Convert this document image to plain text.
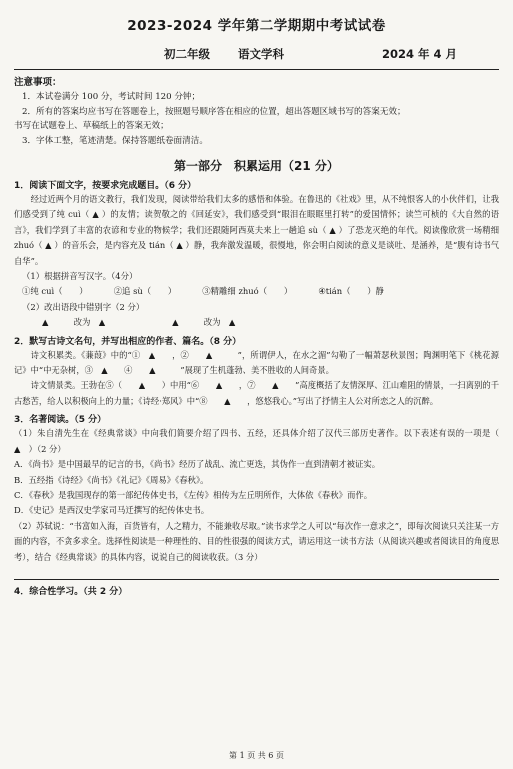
2023-2024 学年第二学期期中考试试卷
初二年级 语文学科	2024 年 4 月
注意事项：
1．本试卷满分 100 分，考试时间 120 分钟；
2．所有的答案均应书写在答题卷上，按照题号顺序答在相应的位置，超出答题区域书写的答案无效；
书写在试题卷上、草稿纸上的答案无效；
3．字体工整，笔迹清楚。保持答题纸卷面清洁。
第一部分　积累运用（21 分）
1．阅读下面文字，按要求完成题目。（6 分）
经过近两个月的语文教行，我们发现，阅读带给我们太多的感悟和体验。在鲁迅的《社戏》里，从不纯恨客人的小伙伴们，让我们感受到了纯 cuì（ ▲ ）的友情；读贺敬之的《回延安》，我们感受到“眼泪在眼眶里打转”的爱国情怀；读竺可桢的《大自然的语言》，我们学到了丰富的农谚和专业的物候学；我们还跟随阿西莫夫来上一趟追 sù（ ▲ ）了恐龙灭绝的年代。阅读像欣赏一场精细 zhuó（ ▲ ）的音乐会，是内容充及 tián（ ▲ ）静，我奔激发温暖，很慢地，你会明白阅读的意义是谈吐、是涵养，是“腹有诗书气自华”。
（1）根据拼音写汉字。（4分）
①纯 cuì（　　）	②追 sù（　　）	③精雕细 zhuó（　　）	④tián（　　）静
（2）改出语段中错别字（2 分）
▲　　　改为　▲　　　　　　　　▲　　　改为　▲
2．默写古诗文名句，并写出相应的作者、篇名。（8 分）
诗文积累类。《蒹葭》中的“①　▲　　，②　　▲　　　”，所谓伊人，在水之湄”勾勒了一幅萧瑟秋景图；陶渊明笔下《桃花源记》中“中无杂树，③　▲　　④　　▲　　　”展现了生机蓬勃、美不胜收的人间奇景。
诗文情景类。王勃在⑤（　　▲　　）中用“⑥　　▲　　，⑦　　▲　　”高度概括了友情深厚、江山难阻的情景，一扫离别的千古愁苦，给人以积极向上的力量；《诗经·郑风》中“⑧　　▲　　，悠悠我心。”写出了抒情主人公对所恋之人的沉醉。
3．名著阅读。（5 分）
（1）朱自清先生在《经典常谈》中向我们简要介绍了四书、五经，还具体介绍了汉代三部历史著作。以下表述有误的一项是（　▲　）（2 分）
A．《尚书》是中国最早的记言的书，《尚书》经历了战乱、流亡更迭，其伪作一直到清朝才被证实。
B．五经指《诗经》《尚书》《礼记》《周易》《春秋》。
C．《春秋》是我国现存的第一部纪传体史书，《左传》相传为左丘明所作，大体依《春秋》而作。
D．《史记》是西汉史学家司马迁撰写的纪传体史书。
（2）苏轼说：“书富如入海，百货皆有，人之精力，不能兼收尽取。”读书求学之人可以“每次作一意求之”，即每次阅读只关注某一方面的内容，不贪多求全。选择性阅读是一种理性的、目的性很强的阅读方式，请运用这一读书方法（从阅读兴趣或者阅读目的角度思考），结合《经典常谈》的具体内容，说说自己的阅读收获。（3 分）
4．综合性学习。（共 2 分）
第 1 页 共 6 页
